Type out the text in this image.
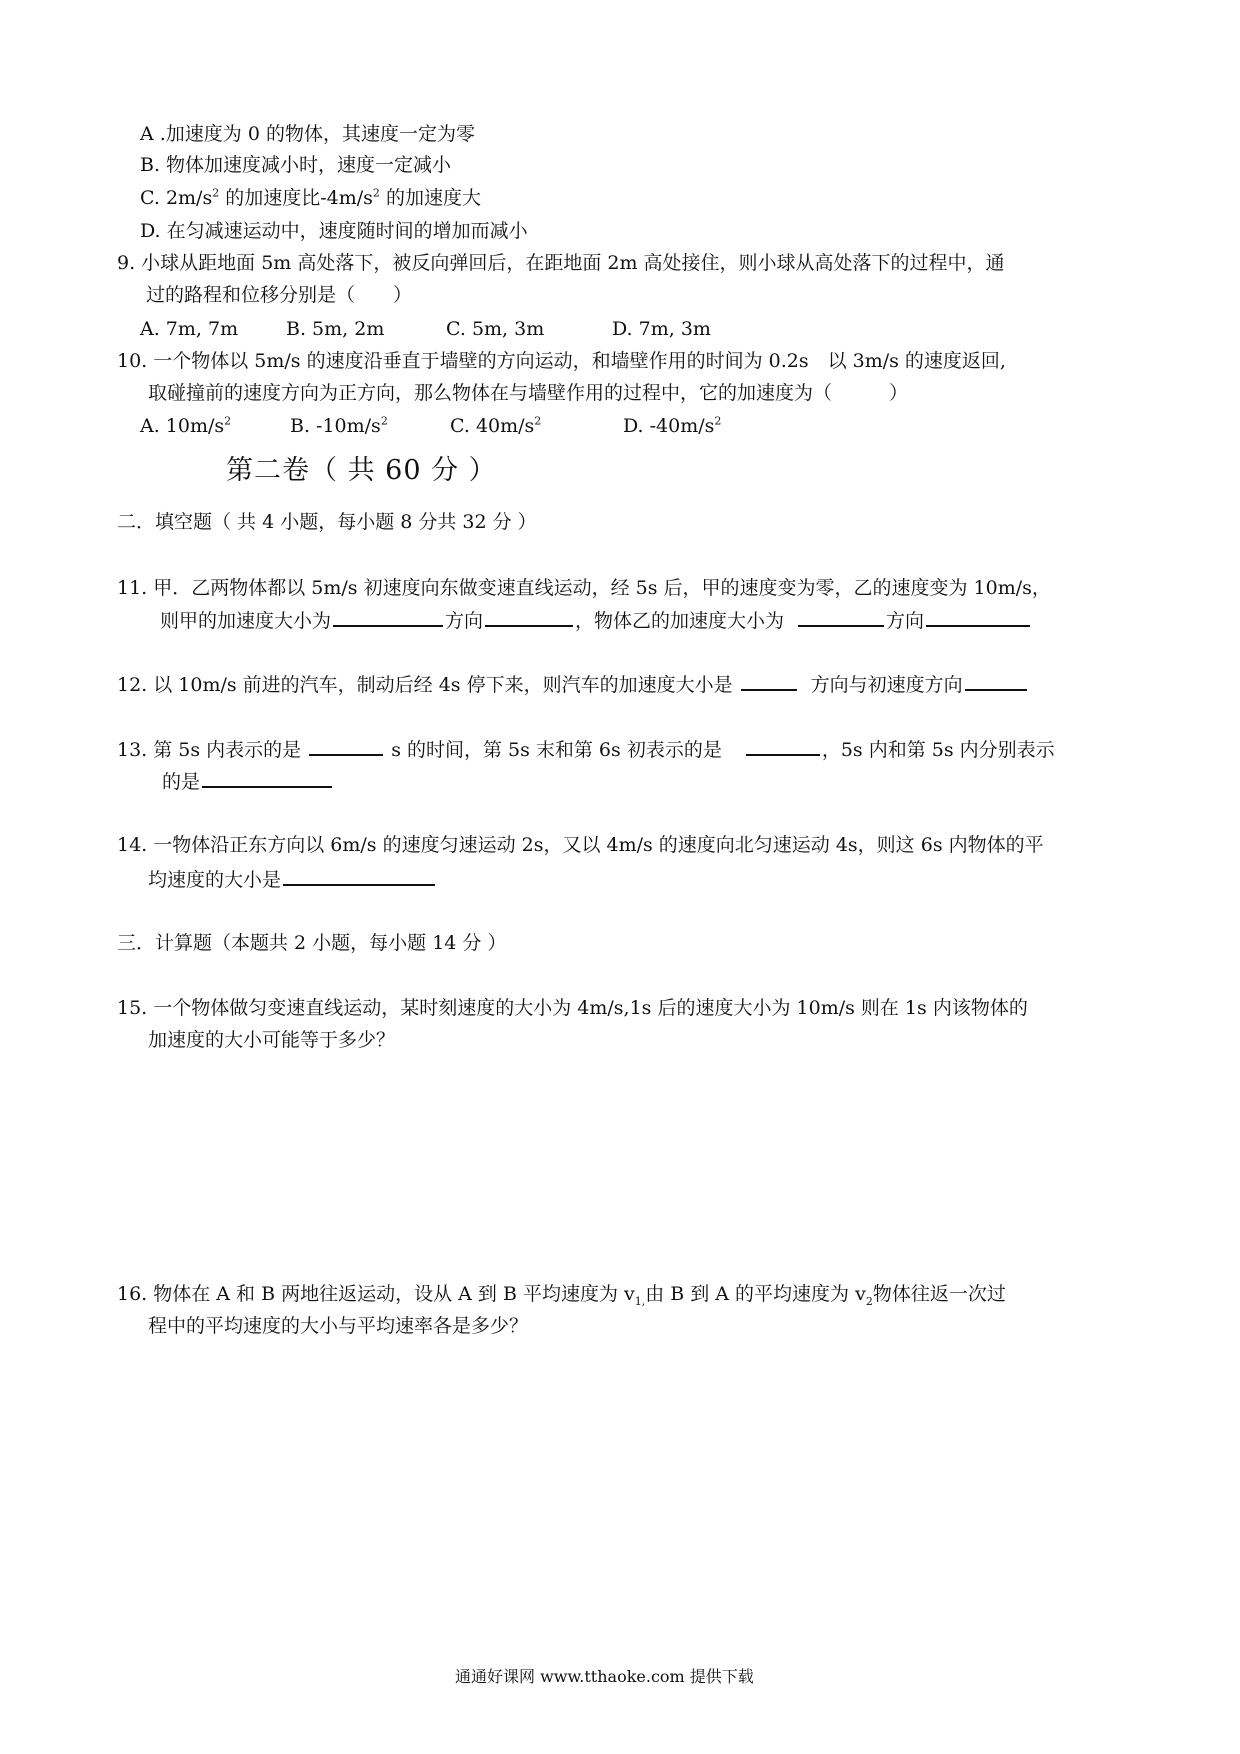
A .加速度为 0 的物体，其速度一定为零
B. 物体加速度减小时，速度一定减小
C. $2m/s^2$ 的加速度比$-4m/s^2$ 的加速度大
D. 在匀减速运动中，速度随时间的增加而减小
9. 小球从距地面 5m 高处落下，被反向弹回后，在距地面 2m 高处接住，则小球从高处落下的过程中，通
过的路程和位移分别是（　　）
A. 7m, 7m	B. 5m, 2m	C. 5m, 3m	D. 7m, 3m
10. 一个物体以 5m/s 的速度沿垂直于墙壁的方向运动，和墙壁作用的时间为 0.2s　以 3m/s 的速度返回,
取碰撞前的速度方向为正方向，那么物体在与墙壁作用的过程中，它的加速度为（　　　）
A. $10m/s^2$	B. $-10m/s^2$	C. $40m/s^2$	D. $-40m/s^2$
第二卷（ 共 60 分 ）
二．填空题（ 共 4 小题，每小题 8 分共 32 分 ）
11. 甲．乙两物体都以 5m/s 初速度向东做变速直线运动，经 5s 后，甲的速度变为零，乙的速度变为 10m/s，
则甲的加速度大小为	方向	，物体乙的加速度大小为	方向
12. 以 10m/s 前进的汽车，制动后经 4s 停下来，则汽车的加速度大小是	方向与初速度方向
13. 第 5s 内表示的是	s 的时间，第 5s 末和第 6s 初表示的是	，5s 内和第 5s 内分别表示
的是
14. 一物体沿正东方向以 6m/s 的速度匀速运动 2s，又以 4m/s 的速度向北匀速运动 4s，则这 6s 内物体的平
均速度的大小是
三．计算题（本题共 2 小题，每小题 14 分 ）
15. 一个物体做匀变速直线运动，某时刻速度的大小为 4m/s,1s 后的速度大小为 10m/s 则在 1s 内该物体的
加速度的大小可能等于多少？
16. 物体在 A 和 B 两地往返运动，设从 A 到 B 平均速度为 $v_{1,}$由 B 到 A 的平均速度为 $v_2$物体往返一次过
程中的平均速度的大小与平均速率各是多少？
通通好课网 www.tthaoke.com 提供下载
